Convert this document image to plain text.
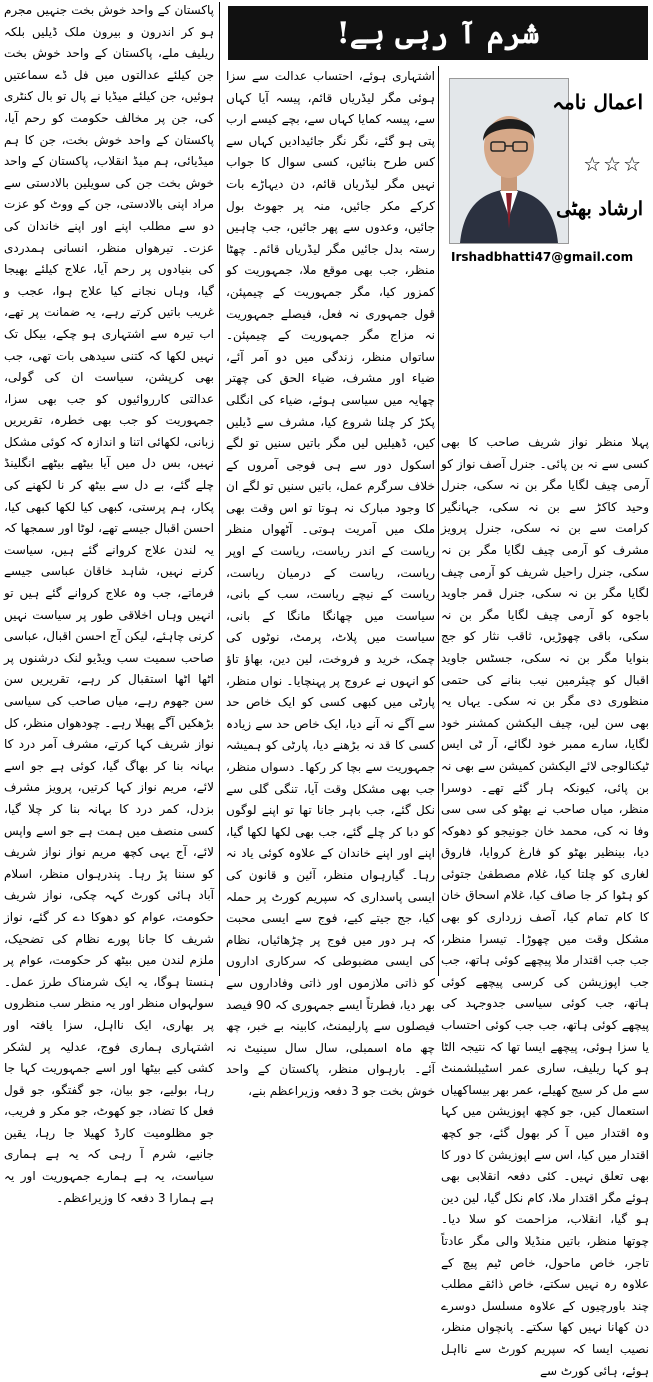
پاکستان کے واحد خوش بخت جنہیں مجرم ہو کر اندرون و بیرون ملک ڈیلیں بلکہ ریلیف ملے، پاکستان کے واحد خوش بخت جن کیلئے عدالتوں میں فل ڈے سماعتیں ہوئیں، جن کیلئے میڈیا نے پال تو بال کنٹری کی، جن پر مخالف حکومت کو رحم آیا، پاکستان کے واحد خوش بخت، جن کا ہم میڈیائی، ہم میڈ انقلاب، پاکستان کے واحد خوش بخت جن کی سویلین بالادستی سے مراد اپنی بالادستی، جن کے ووٹ کو عزت دو سے مطلب اپنے اور اپنے خاندان کی عزت۔ تیرھواں منظر، انسانی ہمدردی کی بنیادوں پر رحم آیا، علاج کیلئے بھیجا گیا، وہاں نجانے کیا علاج ہوا، عجب و غریب باتیں کرتے رہے، یہ ضمانت پر تھے، اب تیرہ سے اشتہاری ہو چکے، بیکل تک نہیں لکھا کہ کتنی سیدھی بات تھی، جب بھی کرپشن، سیاست ان کی گولی، عدالتی کارروائیوں کو جب بھی سزا، جمہوریت کو جب بھی خطرہ، تقریریں زبانی، لکھائی اتنا و اندازہ کہ کوئی مشکل نہیں، بس دل میں آیا بیٹھے بیٹھے انگلینڈ چلے گئے، بے دل سے بیٹھ کر نا لکھنے کی پکار، ہم پرستی، کبھی کیا لکھا کبھی کیا، احسن اقبال جیسے تھے، لوٹا اور سمجھا کہ یہ لندن علاج کروانے گئے ہیں، سیاست کرنے نہیں، شاہد خاقان عباسی جیسے فرماتے، جب وہ علاج کروانے گئے ہیں تو انہیں وہاں اخلاقی طور پر سیاست نہیں کرنی چاہئے، لیکن آج احسن اقبال، عباسی صاحب سمیت سب ویڈیو لنک درشنوں پر اٹھا اٹھا استقبال کر رہے، تقریریں سن سن جھوم رہے، میاں صاحب کی سیاسی بڑھکیں آگے پھیلا رہے۔ چودھواں منظر، کل نواز شریف کہا کرتے، مشرف آمر درد کا بہانہ بنا کر بھاگ گیا، کوئی ہے جو اسے لائے، مریم نواز کہا کرتیں، پرویز مشرف بزدل، کمر درد کا بہانہ بنا کر چلا گیا، کسی منصف میں ہمت ہے جو اسے واپس لائے، آج یہی کچھ مریم نواز نواز شریف کو سننا پڑ رہا۔ پندرہواں منظر، اسلام آباد ہائی کورٹ کہہ چکی، نواز شریف حکومت، عوام کو دھوکا دے کر گئے، نواز شریف کا جانا پورے نظام کی تضحیک، ملزم لندن میں بیٹھ کر حکومت، عوام پر ہنستا ہوگا، یہ ایک شرمناک طرز عمل۔ سولہواں منظر اور یہ منظر سب منظروں پر بھاری، ایک نااہل، سزا یافتہ اور اشتہاری ہماری فوج، عدلیہ پر لشکر کشی کیے بیٹھا اور اسے جمہوریت کہا جا رہا، بولیے، جو بیان، جو گفتگو، جو قول فعل کا تضاد، جو کھوٹ، جو مکر و فریب، جو مظلومیت کارڈ کھیلا جا رہا، یقین جانیے، شرم آ رہی کہ یہ ہے ہماری سیاست، یہ ہے ہمارے جمہوریت اور یہ ہے ہمارا 3 دفعہ کا وزیراعظم۔

شرم آ رہی ہے!
اعمال نامہ
☆☆☆
ارشاد بھٹی
Irshadbhatti47@gmail.com

اشتہاری ہوئے، احتساب عدالت سے سزا ہوئی مگر لیڈریاں قائم، پیسہ آیا کہاں سے، پیسہ کمایا کہاں سے، بچے کیسے ارب پتی ہو گئے، نگر نگر جائیدادیں کہاں سے کس طرح بنائیں، کسی سوال کا جواب نہیں مگر لیڈریاں قائم، دن دیہاڑے بات کرکے مکر جائیں، منہ پر جھوٹ بول جائیں، وعدوں سے پھر جائیں، جب چاہیں رستہ بدل جائیں مگر لیڈریاں قائم۔ چھٹا منظر، جب بھی موقع ملا، جمہوریت کو کمزور کیا، مگر جمہوریت کے چیمپئن، قول جمہوری نہ فعل، فیصلے جمہوریت نہ مزاج مگر جمہوریت کے چیمپئن۔ ساتواں منظر، زندگی میں دو آمر آئے، ضیاء اور مشرف، ضیاء الحق کی چھتر چھایہ میں سیاسی ہوئے، ضیاء کی انگلی پکڑ کر چلنا شروع کیا، مشرف سے ڈیلیں کیں، ڈھیلیں لیں مگر باتیں سنیں تو لگے اسکول دور سے ہی فوجی آمروں کے خلاف سرگرم عمل، باتیں سنیں تو لگے ان کا وجود مبارک نہ ہوتا تو اس وقت بھی ملک میں آمریت ہوتی۔ آٹھواں منظر ریاست کے اندر ریاست، ریاست کے اوپر ریاست، ریاست کے درمیان ریاست، ریاست کے نیچے ریاست، سب کے بانی، سیاست میں چھانگا مانگا کے بانی، سیاست میں پلاٹ، پرمٹ، نوٹوں کی چمک، خرید و فروخت، لین دین، بھاؤ تاؤ کو انہوں نے عروج پر پہنچایا۔ نواں منظر، پارٹی میں کبھی کسی کو ایک خاص حد سے آگے نہ آنے دیا، ایک خاص حد سے زیادہ کسی کا قد نہ بڑھنے دیا، پارٹی کو ہمیشہ جمہوریت سے بچا کر رکھا۔ دسواں منظر، جب بھی مشکل وقت آیا، تنگی گلی سے نکل گئے، جب باہر جانا تھا تو اپنے لوگوں کو دبا کر چلے گئے، جب بھی لکھا لکھا گیا، اپنے اور اپنے خاندان کے علاوہ کوئی یاد نہ رہا۔ گیارہواں منظر، آئین و قانون کی ایسی پاسداری کہ سپریم کورٹ پر حملہ کیا، جج جیتے کیے، فوج سے ایسی محبت کہ ہر دور میں فوج پر چڑھائیاں، نظام کی ایسی مضبوطی کہ سرکاری اداروں کو ذاتی ملازموں اور ذاتی وفاداروں سے بھر دیا، فطرتاً ایسے جمہوری کہ 90 فیصد فیصلوں سے پارلیمنٹ، کابینہ بے خبر، چھ چھ ماہ اسمبلی، سال سال سینیٹ نہ آئے۔ بارہواں منظر، پاکستان کے واحد خوش بخت جو 3 دفعہ وزیراعظم بنے،

پہلا منظر نواز شریف صاحب کا بھی کسی سے نہ بن پائی۔ جنرل آصف نواز کو آرمی چیف لگایا مگر بن نہ سکی، جنرل وحید کاکڑ سے بن نہ سکی، جہانگیر کرامت سے بن نہ سکی، جنرل پرویز مشرف کو آرمی چیف لگایا مگر بن نہ سکی، جنرل راحیل شریف کو آرمی چیف لگایا مگر بن نہ سکی، جنرل قمر جاوید باجوہ کو آرمی چیف لگایا مگر بن نہ سکی، باقی چھوڑیں، ثاقب نثار کو جج بنوایا مگر بن نہ سکی، جسٹس جاوید اقبال کو چیئرمین نیب بنانے کی حتمی منظوری دی مگر بن نہ سکی۔ یہاں یہ بھی سن لیں، چیف الیکشن کمشنر خود لگایا، سارے ممبر خود لگائے، آر ٹی ایس ٹیکنالوجی لائے الیکشن کمیشن سے بھی نہ بن پائی، کیونکہ ہار گئے تھے۔ دوسرا منظر، میاں صاحب نے بھٹو کی سی سی وفا نہ کی، محمد خان جونیجو کو دھوکہ دیا، بینظیر بھٹو کو فارغ کروایا، فاروق لغاری کو چلتا کیا، غلام مصطفیٰ جتوئی کو ہٹوا کر جا صاف کیا، غلام اسحاق خان کا کام تمام کیا، آصف زرداری کو بھی مشکل وقت میں چھوڑا۔ تیسرا منظر، جب جب اقتدار ملا پیچھے کوئی ہاتھ، جب جب اپوزیشن کی کرسی پیچھے کوئی ہاتھ، جب کوئی سیاسی جدوجہد کی پیچھے کوئی ہاتھ، جب جب کوئی احتساب یا سزا ہوئی، پیچھے ایسا تھا کہ نتیجہ الٹا ہو کہا ریلیف، ساری عمر اسٹیبلشمنٹ سے مل کر سیج کھیلے، عمر بھر بیساکھیاں استعمال کیں، جو کچھ اپوزیشن میں کہا وہ اقتدار میں آ کر بھول گئے، جو کچھ اقتدار میں کیا، اس سے اپوزیشن کا دور کا بھی تعلق نہیں۔ کئی دفعہ انقلابی بھی ہوئے مگر اقتدار ملا، کام نکل گیا، لین دین ہو گیا، انقلاب، مزاحمت کو سلا دیا۔ چوتھا منظر، باتیں منڈیلا والی مگر عادتاً تاجر، خاص ماحول، خاص ٹیم پیچ کے علاوہ رہ نہیں سکتے، خاص ذائقے مطلب چند باورچیوں کے علاوہ مسلسل دوسرے دن کھانا نہیں کھا سکتے۔ پانچواں منظر، نصیب ایسا کہ سپریم کورٹ سے نااہل ہوئے، ہائی کورٹ سے
